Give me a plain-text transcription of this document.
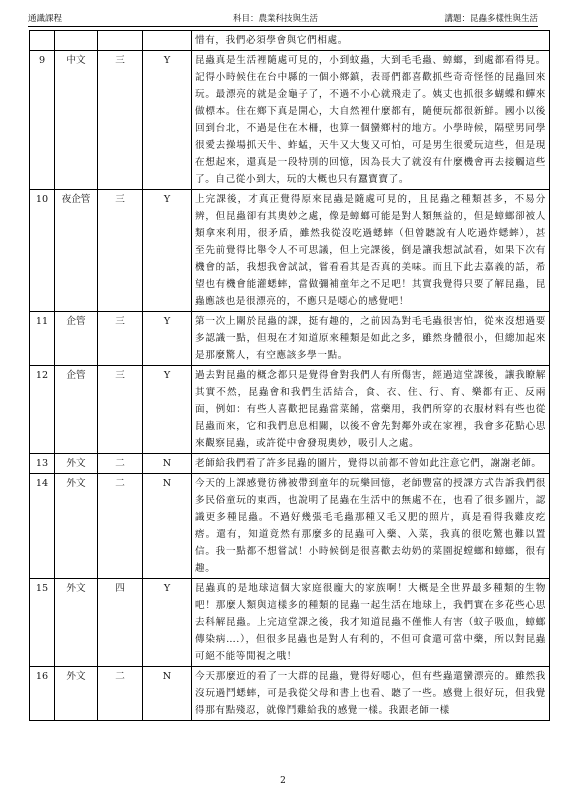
通識課程	科目：農業科技與生活	講題：昆蟲多樣性與生活
				惜有，我們必須學會與它們相處。
9	中文	三	Y	昆蟲真是生活裡隨處可見的，小到蚊蟲，大到毛毛蟲、蟑螂，到處都看得見。記得小時候住在台中縣的一個小鄉鎮，表哥們都喜歡抓些奇奇怪怪的昆蟲回來玩。最漂亮的就是金龜子了，不過不小心就飛走了。姨丈也抓很多蝴蝶和蟬來做標本。住在鄉下真是開心，大自然裡什麼都有，隨便玩都很新鮮。國小以後回到台北，不過是住在木柵，也算一個蠻鄉村的地方。小學時候，隔壁男同學很愛去操場抓天牛、蚱蜢，天牛又大隻又可怕，可是男生很愛玩這些，但是現在想起來，還真是一段特別的回憶，因為長大了就沒有什麼機會再去接觸這些了。自己從小到大，玩的大概也只有蠶寶寶了。
10	夜企管	三	Y	上完課後，才真正覺得原來昆蟲是隨處可見的，且昆蟲之種類甚多，不易分辨，但昆蟲卻有其奧妙之處，像是蟑螂可能是對人類無益的，但是蟑螂卻被人類拿來利用，很矛盾，雖然我從沒吃過蟋蟀（但曾聽說有人吃過炸蟋蟀），甚至先前覺得比舉令人不可思議，但上完課後，倒是讓我想試試看，如果下次有機會的話，我想我會試試，嘗看看其是否真的美味。而且下此去嘉義的話，希望也有機會能灌蟋蟀，當做彌補童年之不足吧！其實我覺得只要了解昆蟲，昆蟲應該也是很漂亮的，不應只是噁心的感覺吧！
11	企管	三	Y	第一次上關於昆蟲的課，挺有趣的，之前因為對毛毛蟲很害怕，從來沒想過要多認識一點，但現在才知道原來種類是如此之多，雖然身體很小，但總加起來是那麼驚人，有空應該多學一點。
12	企管	三	Y	過去對昆蟲的概念都只是覺得會對我們人有所傷害，經過這堂課後，讓我瞭解其實不然，昆蟲會和我們生活結合，食、衣、住、行、育、樂都有正、反兩面，例如：有些人喜歡把昆蟲當菜餚，當藥用，我們所穿的衣服材料有些也從昆蟲而來，它和我們息息相關，以後不會先對鄰外或在家裡，我會多花點心思來觀察昆蟲，或許從中會發現奧妙，吸引人之處。
13	外文	二	N	老師給我們看了許多昆蟲的圖片，覺得以前都不曾如此注意它們，謝謝老師。
14	外文	二	N	今天的上課感覺彷彿被帶到童年的玩樂回憶，老師豐富的授課方式告訴我們很多民俗童玩的東西，也說明了昆蟲在生活中的無處不在，也看了很多圖片，認識更多種昆蟲。不過好幾張毛毛蟲那種又毛又肥的照片，真是看得我雞皮疙瘩。還有，知道竟然有那麼多的昆蟲可入藥、入菜，我真的很吃驚也難以置信。我一點都不想嘗試！小時候倒是很喜歡去幼奶的菜園捉螳螂和蟑螂，很有趣。
15	外文	四	Y	昆蟲真的是地球這個大家庭很龐大的家族啊！大概是全世界最多種類的生物吧！那麼人類與這樣多的種類的昆蟲一起生活在地球上，我們實在多花些心思去科解昆蟲。上完這堂課之後，我才知道昆蟲不僅惟人有害（蚊子吸血，蟑螂傳染病….），但很多昆蟲也是對人有利的，不但可食還可當中藥，所以對昆蟲可絕不能等閒視之哦！
16	外文	二	N	今天那麼近的看了一大群的昆蟲，覺得好噁心，但有些蟲還蠻漂亮的。雖然我沒玩過鬥蟋蟀，可是我從父母和書上也看、聽了一些。感覺上很好玩，但我覺得那有點殘忍，就像鬥雞給我的感覺一樣。我跟老師一樣
2
